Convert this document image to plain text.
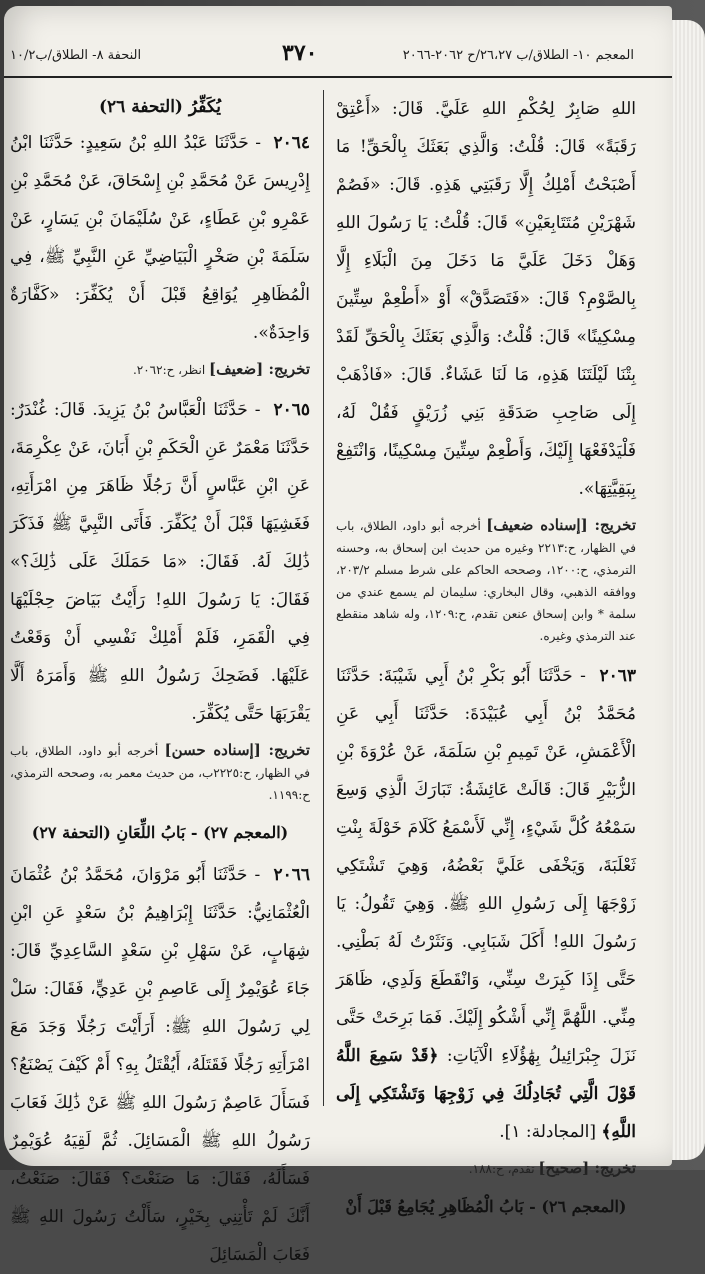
النحفة ٨- الطلاق/ب١٠/٢	٣٧٠	المعجم ١٠- الطلاق/ب ٢٦،٢٧/ح ٢٠٦٢-٢٠٦٦

اللهِ صَابِرٌ لِحُكْمِ اللهِ عَلَيَّ. قَالَ: «أَعْتِقْ رَقَبَةً» قَالَ: قُلْتُ: وَالَّذِي بَعَثَكَ بِالْحَقِّ! مَا أَصْبَحْتُ أَمْلِكُ إِلَّا رَقَبَتِي هَذِهِ. قَالَ: «فَصُمْ شَهْرَيْنِ مُتَتَابِعَيْنِ» قَالَ: قُلْتُ: يَا رَسُولَ اللهِ وَهَلْ دَخَلَ عَلَيَّ مَا دَخَلَ مِنَ الْبَلَاءِ إِلَّا بِالصَّوْمِ؟ قَالَ: «فَتَصَدَّقْ» أَوْ «أَطْعِمْ سِتِّينَ مِسْكِينًا» قَالَ: قُلْتُ: وَالَّذِي بَعَثَكَ بِالْحَقِّ لَقَدْ بِتْنَا لَيْلَتَنَا هَذِهِ، مَا لَنَا عَشَاءٌ. قَالَ: «فَاذْهَبْ إِلَى صَاحِبِ صَدَقَةِ بَنِي زُرَيْقٍ فَقُلْ لَهُ، فَلْيَدْفَعْهَا إِلَيْكَ، وَأَطْعِمْ سِتِّينَ مِسْكِينًا، وَانْتَفِعْ بِبَقِيَّتِهَا».

تخريج: [إسناده ضعيف] أخرجه أبو داود، الطلاق، باب في الظهار، ح:٢٢١٣ وغيره من حديث ابن إسحاق به، وحسنه الترمذي، ح:١٢٠٠، وصححه الحاكم على شرط مسلم ٢٠٣/٢، ووافقه الذهبي، وقال البخاري: سليمان لم يسمع عندي من سلمة * وابن إسحاق عنعن تقدم، ح:١٢٠٩، وله شاهد منقطع عند الترمذي وغيره.

٢٠٦٣ - حَدَّثَنَا أَبُو بَكْرِ بْنُ أَبِي شَيْبَةَ: حَدَّثَنَا مُحَمَّدُ بْنُ أَبِي عُبَيْدَةَ: حَدَّثَنَا أَبِي عَنِ الْأَعْمَشِ، عَنْ تَمِيمِ بْنِ سَلَمَةَ، عَنْ عُرْوَةَ بْنِ الزُّبَيْرِ قَالَ: قَالَتْ عَائِشَةُ: تَبَارَكَ الَّذِي وَسِعَ سَمْعُهُ كُلَّ شَيْءٍ، إِنِّي لَأَسْمَعُ كَلَامَ خَوْلَةَ بِنْتِ ثَعْلَبَةَ، وَيَخْفَى عَلَيَّ بَعْضُهُ، وَهِيَ تَشْتَكِي زَوْجَهَا إِلَى رَسُولِ اللهِ ﷺ. وَهِيَ تَقُولُ: يَا رَسُولَ اللهِ! أَكَلَ شَبَابِي. وَنَثَرْتُ لَهُ بَطْنِي. حَتَّى إِذَا كَبِرَتْ سِنِّي، وَانْقَطَعَ وَلَدِي، ظَاهَرَ مِنِّي. اللَّهُمَّ إِنِّي أَشْكُو إِلَيْكَ. فَمَا بَرِحَتْ حَتَّى نَزَلَ جِبْرَائِيلُ بِهَٰؤُلَاءِ الْآيَاتِ: ﴿قَدْ سَمِعَ اللَّهُ قَوْلَ الَّتِي تُجَادِلُكَ فِي زَوْجِهَا وَتَشْتَكِي إِلَى اللَّهِ﴾ [المجادلة: ١].

تخريج: [صحيح] تقدم، ح:١٨٨.

(المعجم ٢٦) - بَابُ الْمُظَاهِرِ يُجَامِعُ قَبْلَ أَنْ
يُكَفِّرُ (التحفة ٢٦)

٢٠٦٤ - حَدَّثَنَا عَبْدُ اللهِ بْنُ سَعِيدٍ: حَدَّثَنَا ابْنُ إِدْرِيسَ عَنْ مُحَمَّدِ بْنِ إِسْحَاقَ، عَنْ مُحَمَّدِ بْنِ عَمْرِو بْنِ عَطَاءٍ، عَنْ سُلَيْمَانَ بْنِ يَسَارٍ، عَنْ سَلَمَةَ بْنِ صَخْرٍ الْبَيَاضِيِّ عَنِ النَّبِيِّ ﷺ، فِي الْمُظَاهِرِ يُوَاقِعُ قَبْلَ أَنْ يُكَفِّرَ: «كَفَّارَةٌ وَاحِدَةٌ».

تخريج: [ضعيف] انظر، ح:٢٠٦٢.

٢٠٦٥ - حَدَّثَنَا الْعَبَّاسُ بْنُ يَزِيدَ. قَالَ: غُنْدَرٌ: حَدَّثَنَا مَعْمَرٌ عَنِ الْحَكَمِ بْنِ أَبَانَ، عَنْ عِكْرِمَةَ، عَنِ ابْنِ عَبَّاسٍ أَنَّ رَجُلًا ظَاهَرَ مِنِ امْرَأَتِهِ، فَغَشِيَهَا قَبْلَ أَنْ يُكَفِّرَ. فَأَتَى النَّبِيَّ ﷺ فَذَكَرَ ذَٰلِكَ لَهُ. فَقَالَ: «مَا حَمَلَكَ عَلَى ذَٰلِكَ؟» فَقَالَ: يَا رَسُولَ اللهِ! رَأَيْتُ بَيَاضَ حِجْلَيْهَا فِي الْقَمَرِ، فَلَمْ أَمْلِكْ نَفْسِي أَنْ وَقَعْتُ عَلَيْهَا. فَضَحِكَ رَسُولُ اللهِ ﷺ وَأَمَرَهُ أَلَّا يَقْرَبَهَا حَتَّى يُكَفِّرَ.

تخريج: [إسناده حسن] أخرجه أبو داود، الطلاق، باب في الظهار، ح:٢٢٢٥ب، من حديث معمر به، وصححه الترمذي، ح:١١٩٩.

(المعجم ٢٧) - بَابُ اللِّعَانِ (التحفة ٢٧)

٢٠٦٦ - حَدَّثَنَا أَبُو مَرْوَانَ، مُحَمَّدُ بْنُ عُثْمَانَ الْعُثْمَانِيُّ: حَدَّثَنَا إِبْرَاهِيمُ بْنُ سَعْدٍ عَنِ ابْنِ شِهَابٍ، عَنْ سَهْلِ بْنِ سَعْدٍ السَّاعِدِيِّ قَالَ: جَاءَ عُوَيْمِرٌ إِلَى عَاصِمِ بْنِ عَدِيٍّ، فَقَالَ: سَلْ لِي رَسُولَ اللهِ ﷺ: أَرَأَيْتَ رَجُلًا وَجَدَ مَعَ امْرَأَتِهِ رَجُلًا فَقَتَلَهُ، أَيُقْتَلُ بِهِ؟ أَمْ كَيْفَ يَصْنَعُ؟ فَسَأَلَ عَاصِمٌ رَسُولَ اللهِ ﷺ عَنْ ذَٰلِكَ فَعَابَ رَسُولُ اللهِ ﷺ الْمَسَائِلَ. ثُمَّ لَقِيَهُ عُوَيْمِرٌ فَسَأَلَهُ، فَقَالَ: مَا صَنَعْتَ؟ فَقَالَ: صَنَعْتُ، أَنَّكَ لَمْ تَأْتِنِي بِخَيْرٍ، سَأَلْتُ رَسُولَ اللهِ ﷺ فَعَابَ الْمَسَائِلَ
